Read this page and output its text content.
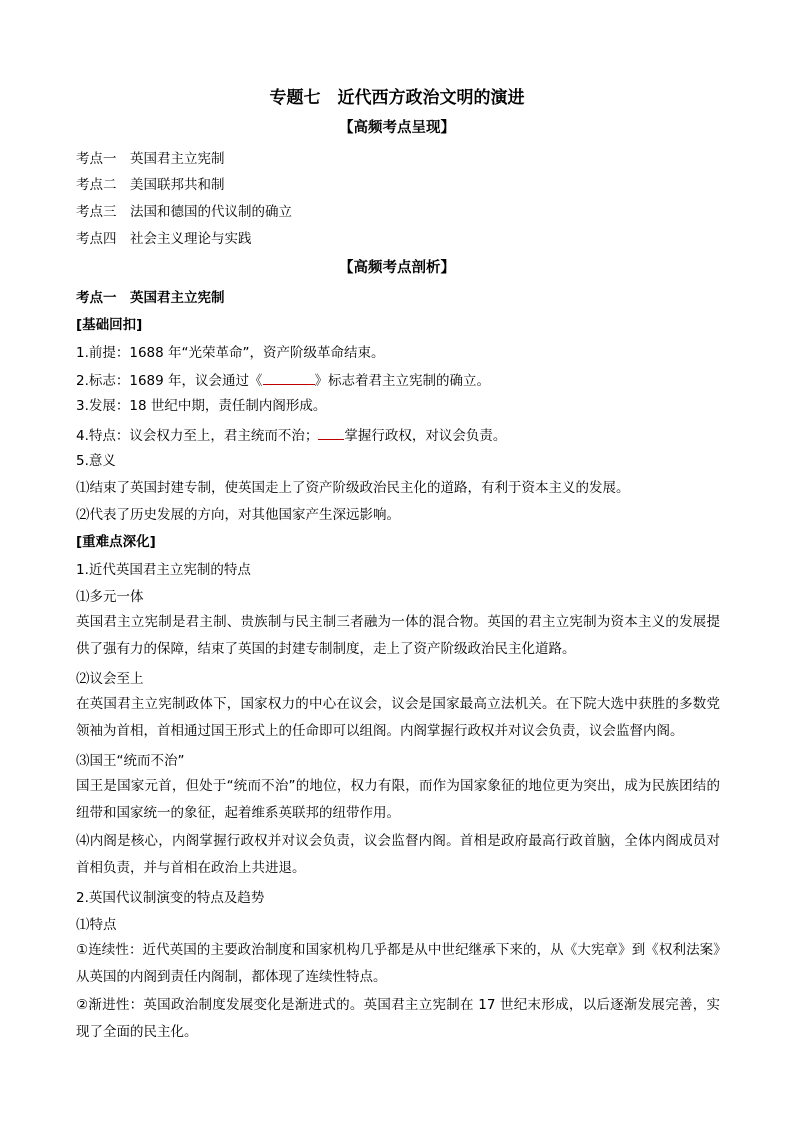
专题七　近代西方政治文明的演进
【高频考点呈现】
考点一　英国君主立宪制
考点二　美国联邦共和制
考点三　法国和德国的代议制的确立
考点四　社会主义理论与实践
【高频考点剖析】
考点一　英国君主立宪制
[基础回扣]
1.前提：1688 年“光荣革命”，资产阶级革命结束。
2.标志：1689 年，议会通过《	》标志着君主立宪制的确立。
3.发展：18 世纪中期，责任制内阁形成。
4.特点：议会权力至上，君主统而不治； 掌握行政权，对议会负责。
5.意义
⑴结束了英国封建专制，使英国走上了资产阶级政治民主化的道路，有利于资本主义的发展。
⑵代表了历史发展的方向，对其他国家产生深远影响。
[重难点深化]
1.近代英国君主立宪制的特点
⑴多元一体
英国君主立宪制是君主制、贵族制与民主制三者融为一体的混合物。英国的君主立宪制为资本主义的发展提供了强有力的保障，结束了英国的封建专制制度，走上了资产阶级政治民主化道路。
⑵议会至上
在英国君主立宪制政体下，国家权力的中心在议会，议会是国家最高立法机关。在下院大选中获胜的多数党领袖为首相，首相通过国王形式上的任命即可以组阁。内阁掌握行政权并对议会负责，议会监督内阁。
⑶国王“统而不治”
国王是国家元首，但处于“统而不治”的地位，权力有限，而作为国家象征的地位更为突出，成为民族团结的纽带和国家统一的象征，起着维系英联邦的纽带作用。
⑷内阁是核心，内阁掌握行政权并对议会负责，议会监督内阁。首相是政府最高行政首脑，全体内阁成员对首相负责，并与首相在政治上共进退。
2.英国代议制演变的特点及趋势
⑴特点
①连续性：近代英国的主要政治制度和国家机构几乎都是从中世纪继承下来的，从《大宪章》到《权利法案》从英国的内阁到责任内阁制，都体现了连续性特点。
②渐进性：英国政治制度发展变化是渐进式的。英国君主立宪制在 17 世纪末形成，以后逐渐发展完善，实现了全面的民主化。
